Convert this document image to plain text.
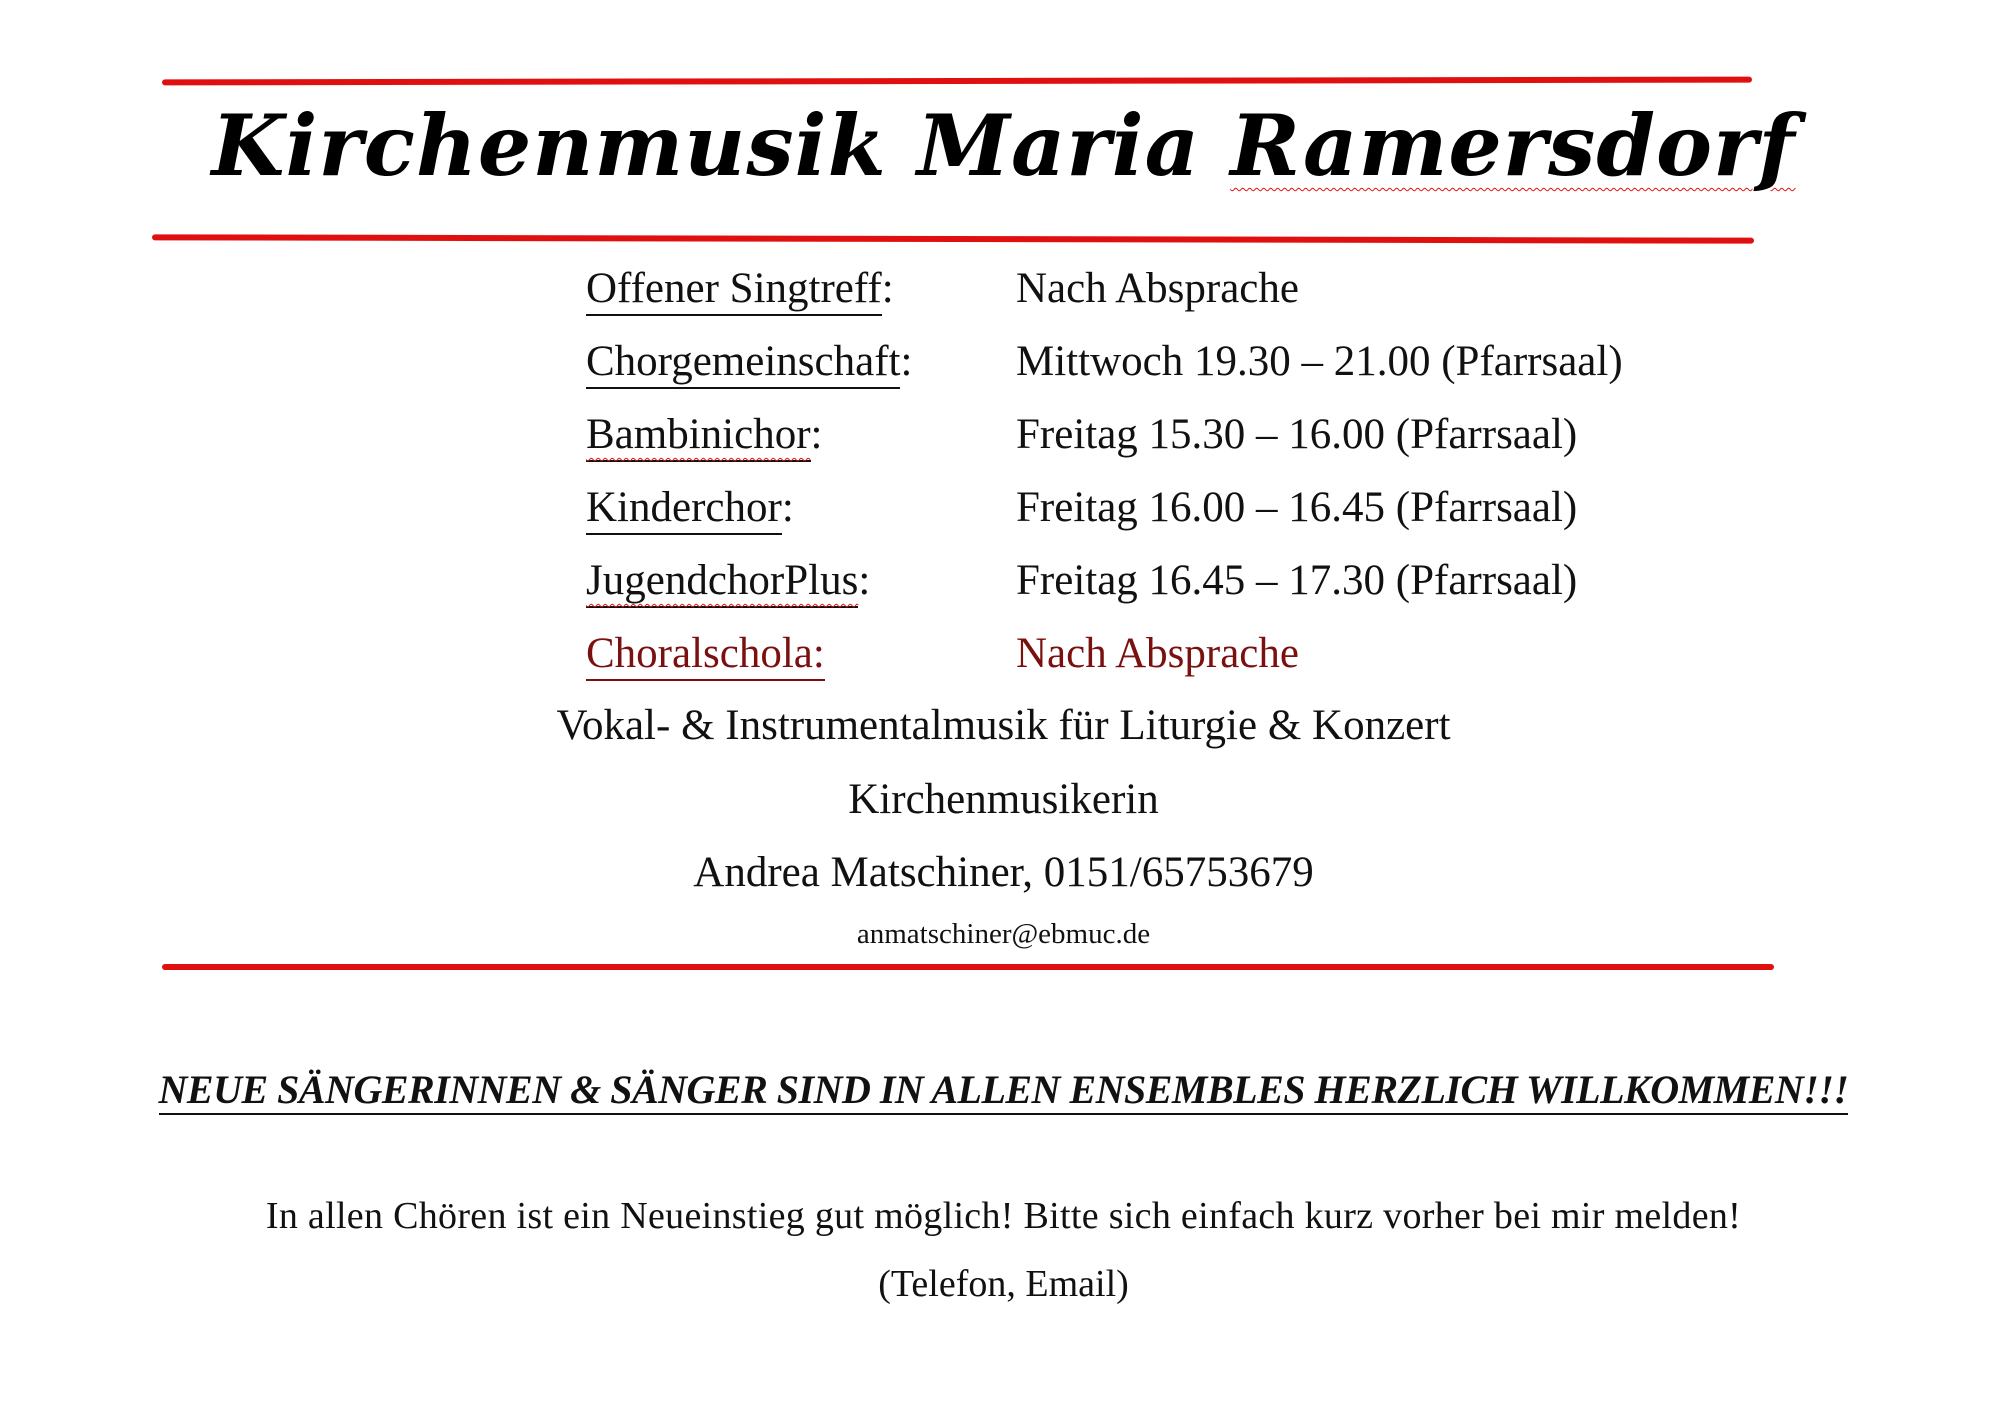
Kirchenmusik Maria Ramersdorf
Offener Singtreff:	Nach Absprache
Chorgemeinschaft: Mittwoch 19.30 – 21.00 (Pfarrsaal)
Bambinichor:	Freitag 15.30 – 16.00 (Pfarrsaal)
Kinderchor:	Freitag 16.00 – 16.45 (Pfarrsaal)
JugendchorPlus:	Freitag 16.45 – 17.30 (Pfarrsaal)
Choralschola:	Nach Absprache
Vokal- & Instrumentalmusik für Liturgie & Konzert
Kirchenmusikerin
Andrea Matschiner, 0151/65753679
anmatschiner@ebmuc.de
NEUE SÄNGERINNEN & SÄNGER SIND IN ALLEN ENSEMBLES HERZLICH WILLKOMMEN!!!
In allen Chören ist ein Neueinstieg gut möglich! Bitte sich einfach kurz vorher bei mir melden!
(Telefon, Email)
